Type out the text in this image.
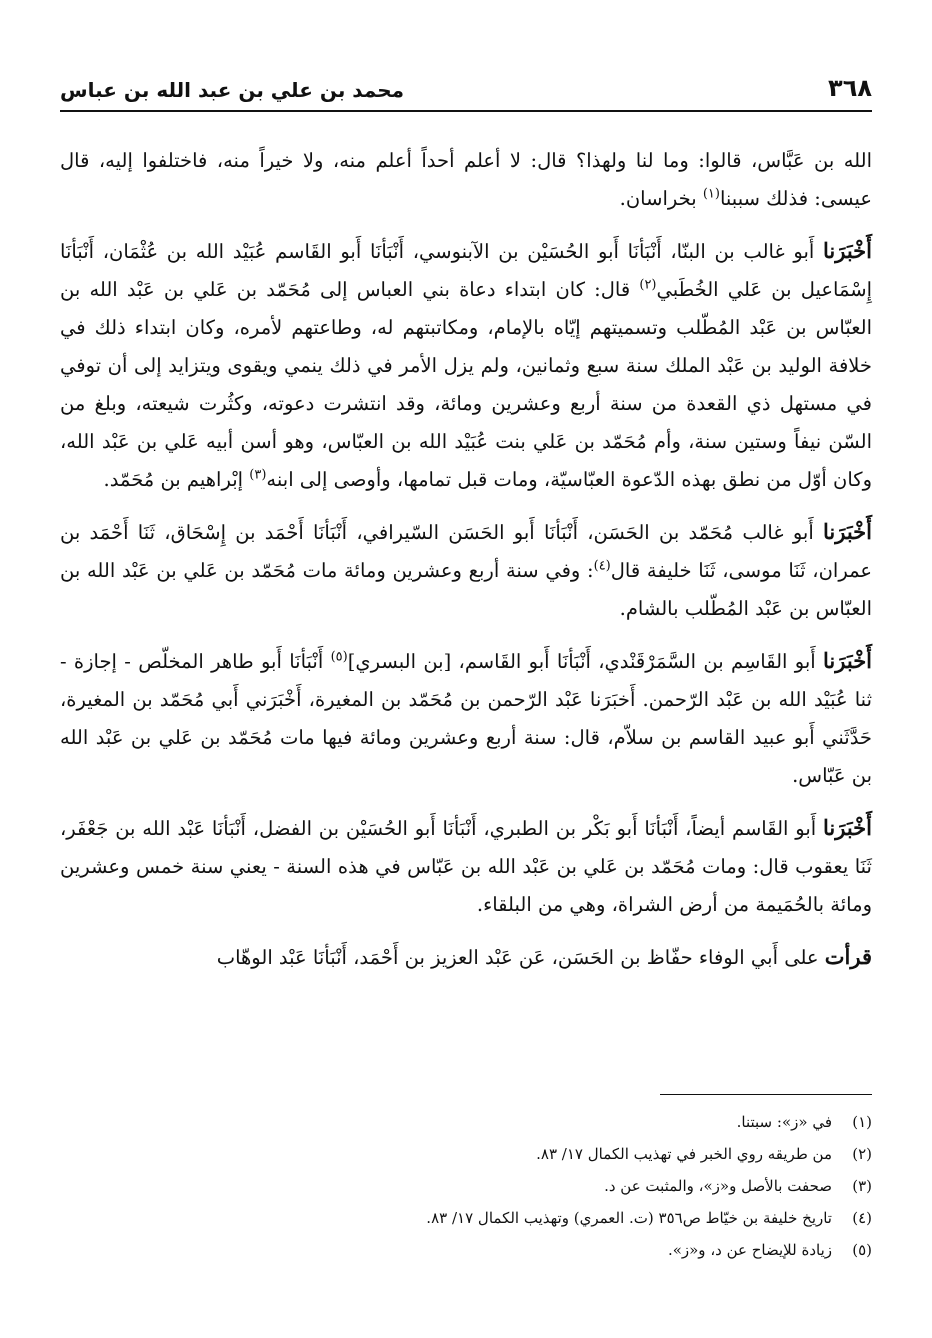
٣٦٨
محمد بن علي بن عبد الله بن عباس

الله بن عَبَّاس، قالوا: وما لنا ولهذا؟ قال: لا أعلم أحداً أعلم منه، ولا خيراً منه، فاختلفوا إليه، قال عيسى: فذلك سببنا$^{(١)}$ بخراسان.

أَخْبَرَنا أَبو غالب بن البنّا، أَنْبَأنَا أَبو الحُسَيْن بن الآبنوسي، أَنْبَأنَا أَبو القَاسم عُبَيْد الله بن عُثْمَان، أَنْبَأنَا إِسْمَاعيل بن عَلي الخُطَبي$^{(٢)}$ قال: كان ابتداء دعاة بني العباس إلى مُحَمّد بن عَلي بن عَبْد الله بن العبّاس بن عَبْد المُطّلب وتسميتهم إيّاه بالإمام، ومكاتبتهم له، وطاعتهم لأمره، وكان ابتداء ذلك في خلافة الوليد بن عَبْد الملك سنة سبع وثمانين، ولم يزل الأمر في ذلك ينمي ويقوى ويتزايد إلى أن توفي في مستهل ذي القعدة من سنة أربع وعشرين ومائة، وقد انتشرت دعوته، وكثُرت شيعته، وبلغ من السّن نيفاً وستين سنة، وأم مُحَمّد بن عَلي بنت عُبَيْد الله بن العبّاس، وهو أسن أبيه عَلي بن عَبْد الله، وكان أوّل من نطق بهذه الدّعوة العبّاسيّة، ومات قبل تمامها، وأوصى إلى ابنه$^{(٣)}$ إبْراهيم بن مُحَمّد.

أَخْبَرَنا أَبو غالب مُحَمّد بن الحَسَن، أَنْبَأنَا أَبو الحَسَن السّيرافي، أَنْبَأنَا أَحْمَد بن إِسْحَاق، ثَنَا أَحْمَد بن عمران، ثَنَا موسى، ثَنَا خليفة قال$^{(٤)}$: وفي سنة أربع وعشرين ومائة مات مُحَمّد بن عَلي بن عَبْد الله بن العبّاس بن عَبْد المُطّلب بالشام.

أَخْبَرَنا أَبو القَاسِم بن السَّمَرْقَنْدي، أَنْبَأنَا أَبو القَاسم، [بن البسري]$^{(٥)}$ أَنْبَأنَا أَبو طاهر المخلّص - إجازة - ثنا عُبَيْد الله بن عَبْد الرّحمن. أَخبَرَنا عَبْد الرّحمن بن مُحَمّد بن المغيرة، أَخْبَرَني أَبي مُحَمّد بن المغيرة، حَدَّثَني أَبو عبيد القاسم بن سلاّم، قال: سنة أربع وعشرين ومائة فيها مات مُحَمّد بن عَلي بن عَبْد الله بن عَبّاس.

أَخْبَرَنا أَبو القَاسم أيضاً، أَنْبَأنَا أَبو بَكْر بن الطبري، أَنْبَأنَا أَبو الحُسَيْن بن الفضل، أَنْبَأنَا عَبْد الله بن جَعْفَر، ثَنَا يعقوب قال: ومات مُحَمّد بن عَلي بن عَبْد الله بن عَبّاس في هذه السنة - يعني سنة خمس وعشرين ومائة بالحُمَيمة من أرض الشراة، وهي من البلقاء.

قرأت على أَبي الوفاء حفّاظ بن الحَسَن، عَن عَبْد العزيز بن أَحْمَد، أَنْبَأنَا عَبْد الوهّاب

(١)
في «ز»: سبتنا.
(٢)
من طريقه روي الخبر في تهذيب الكمال ١٧/ ٨٣.
(٣)
صحفت بالأصل و«ز»، والمثبت عن د.
(٤)
تاريخ خليفة بن خيّاط ص٣٥٦ (ت. العمري) وتهذيب الكمال ١٧/ ٨٣.
(٥)
زيادة للإيضاح عن د، و«ز».
